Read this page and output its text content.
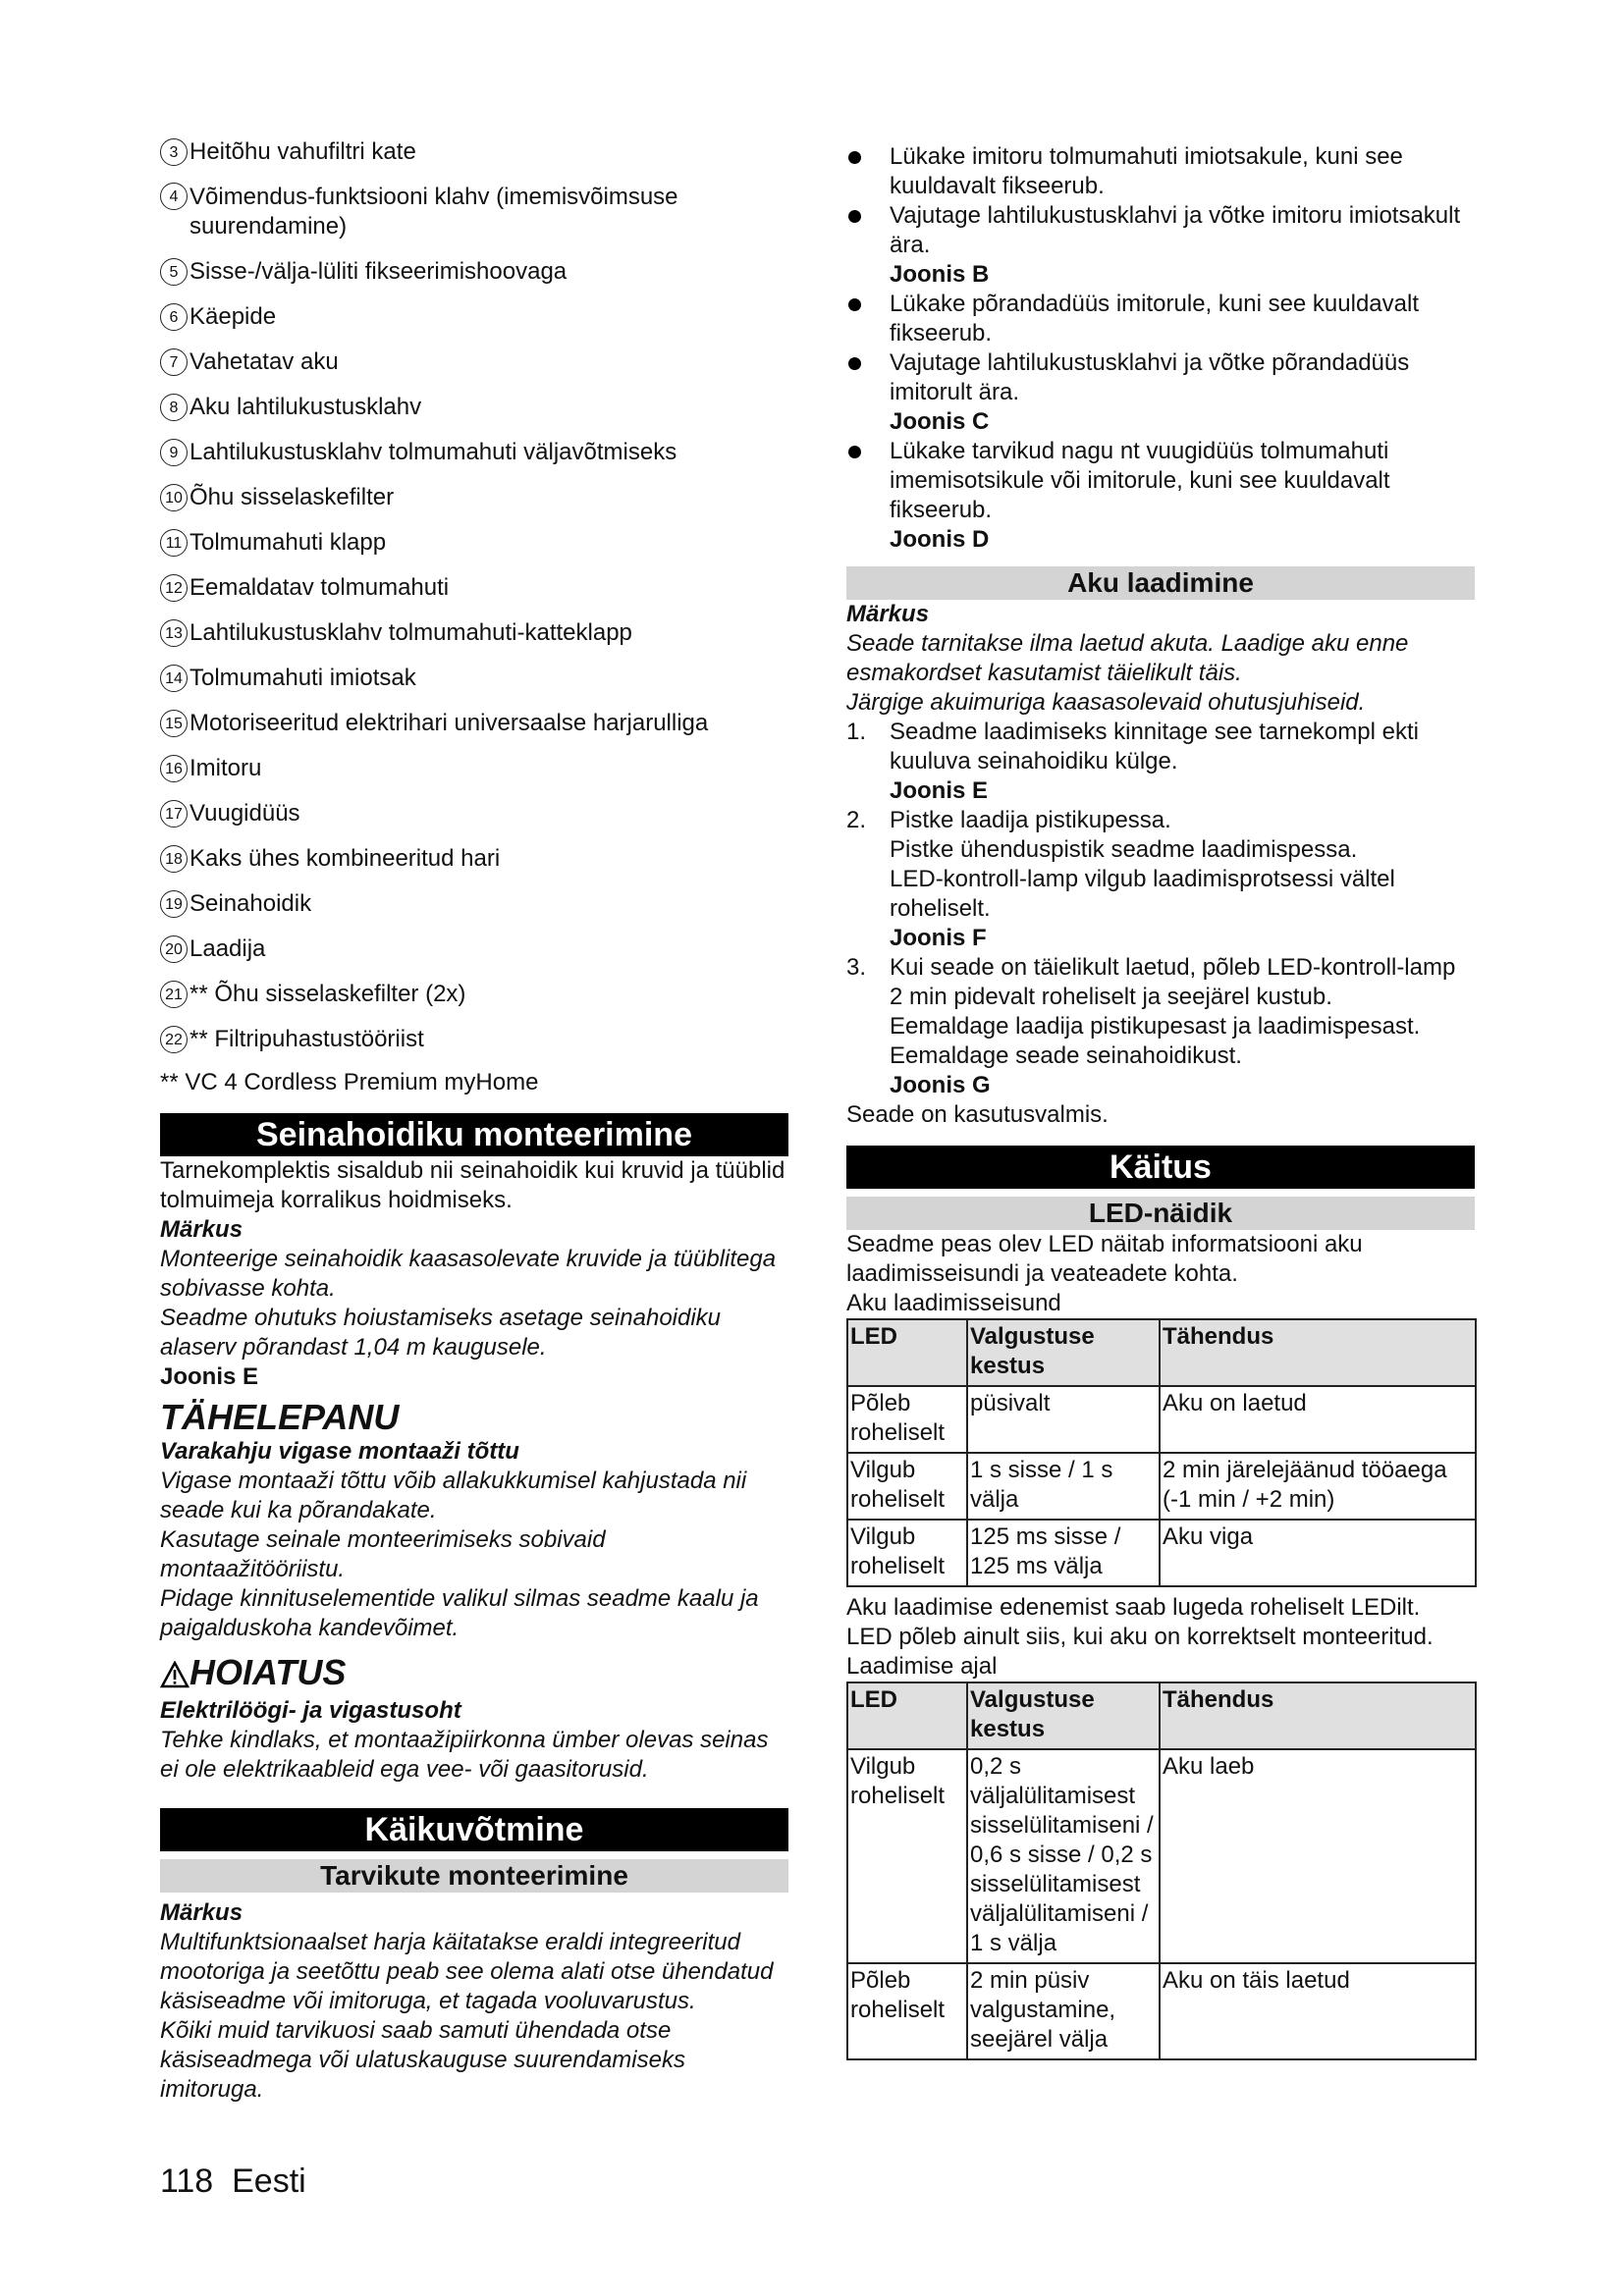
3 Heitõhu vahufiltri kate
4 Võimendus-funktsiooni klahv (imemisvõimsuse
suurendamine)
5 Sisse-/välja-lüliti fikseerimishoovaga
6 Käepide
7 Vahetatav aku
8 Aku lahtilukustusklahv
9 Lahtilukustusklahv tolmumahuti väljavõtmiseks
10 Õhu sisselaskefilter
11 Tolmumahuti klapp
12 Eemaldatav tolmumahuti
13 Lahtilukustusklahv tolmumahuti-katteklapp
14 Tolmumahuti imiotsak
15 Motoriseeritud elektrihari universaalse harjarulliga
16 Imitoru
17 Vuugidüüs
18 Kaks ühes kombineeritud hari
19 Seinahoidik
20 Laadija
21 ** Õhu sisselaskefilter (2x)
22 ** Filtripuhastustööriist
** VC 4 Cordless Premium myHome
Seinahoidiku monteerimine

Tarnekomplektis sisaldub nii seinahoidik kui kruvid ja tüüblid tolmuimeja korralikus hoidmiseks.

Märkus

Monteerige seinahoidik kaasasolevate kruvide ja tüüblitega sobivasse kohta.

Seadme ohutuks hoiustamiseks asetage seinahoidiku alaserv põrandast 1,04 m kaugusele.

Joonis E

TÄHELEPANU

Varakahju vigase montaaži tõttu

Vigase montaaži tõttu võib allakukkumisel kahjustada nii seade kui ka põrandakate.

Kasutage seinale monteerimiseks sobivaid montaažitööriistu.

Pidage kinnituselementide valikul silmas seadme kaalu ja paigalduskoha kandevõimet.

HOIATUS

Elektrilöögi- ja vigastusoht

Tehke kindlaks, et montaažipiirkonna ümber olevas seinas ei ole elektrikaableid ega vee- või gaasitorusid.

Käikuvõtmine
Tarvikute monteerimine

Märkus

Multifunktsionaalset harja käitatakse eraldi integreeritud mootoriga ja seetõttu peab see olema alati otse ühendatud käsiseadme või imitoruga, et tagada vooluvarustus.

Kõiki muid tarvikuosi saab samuti ühendada otse käsiseadmega või ulatuskauguse suurendamiseks imitoruga.

Lükake imitoru tolmumahuti imiotsakule, kuni see kuuldavalt fikseerub.
Vajutage lahtilukustusklahvi ja võtke imitoru imiotsakult ära.
Joonis B
Lükake põrandadüüs imitorule, kuni see kuuldavalt fikseerub.
Vajutage lahtilukustusklahvi ja võtke põrandadüüs imitorult ära.
Joonis C
Lükake tarvikud nagu nt vuugidüüs tolmumahuti imemisotsikule või imitorule, kuni see kuuldavalt fikseerub.
Joonis D
Aku laadimine

Märkus

Seade tarnitakse ilma laetud akuta. Laadige aku enne esmakordset kasutamist täielikult täis.

Järgige akuimuriga kaasasolevaid ohutusjuhiseid.

1. Seadme laadimiseks kinnitage see tarnekompl ekti kuuluva seinahoidiku külge.
Joonis E
2. Pistke laadija pistikupessa.
Pistke ühenduspistik seadme laadimispessa.
LED-kontroll-lamp vilgub laadimisprotsessi vältel roheliselt.
Joonis F
3. Kui seade on täielikult laetud, põleb LED-kontroll-lamp 2 min pidevalt roheliselt ja seejärel kustub.
Eemaldage laadija pistikupesast ja laadimispesast.
Eemaldage seade seinahoidikust.
Joonis G

Seade on kasutusvalmis.

Käitus
LED-näidik

Seadme peas olev LED näitab informatsiooni aku laadimisseisundi ja veateadete kohta.

Aku laadimisseisund

LED	Valgustuse kestus	Tähendus
Põleb roheliselt	püsivalt	Aku on laetud
Vilgub roheliselt	1 s sisse / 1 s välja	2 min järelejäänud tööaega (-1 min / +2 min)
Vilgub roheliselt	125 ms sisse / 125 ms välja	Aku viga

Aku laadimise edenemist saab lugeda roheliselt LEDilt.

LED põleb ainult siis, kui aku on korrektselt monteeritud.

Laadimise ajal

LED	Valgustuse kestus	Tähendus
Vilgub roheliselt	0,2 s väljalülitamisest sisselülitamiseni / 0,6 s sisse / 0,2 s sisselülitamisest väljalülitamiseni / 1 s välja	Aku laeb
Põleb roheliselt	2 min püsiv valgustamine, seejärel välja	Aku on täis laetud
118 Eesti
